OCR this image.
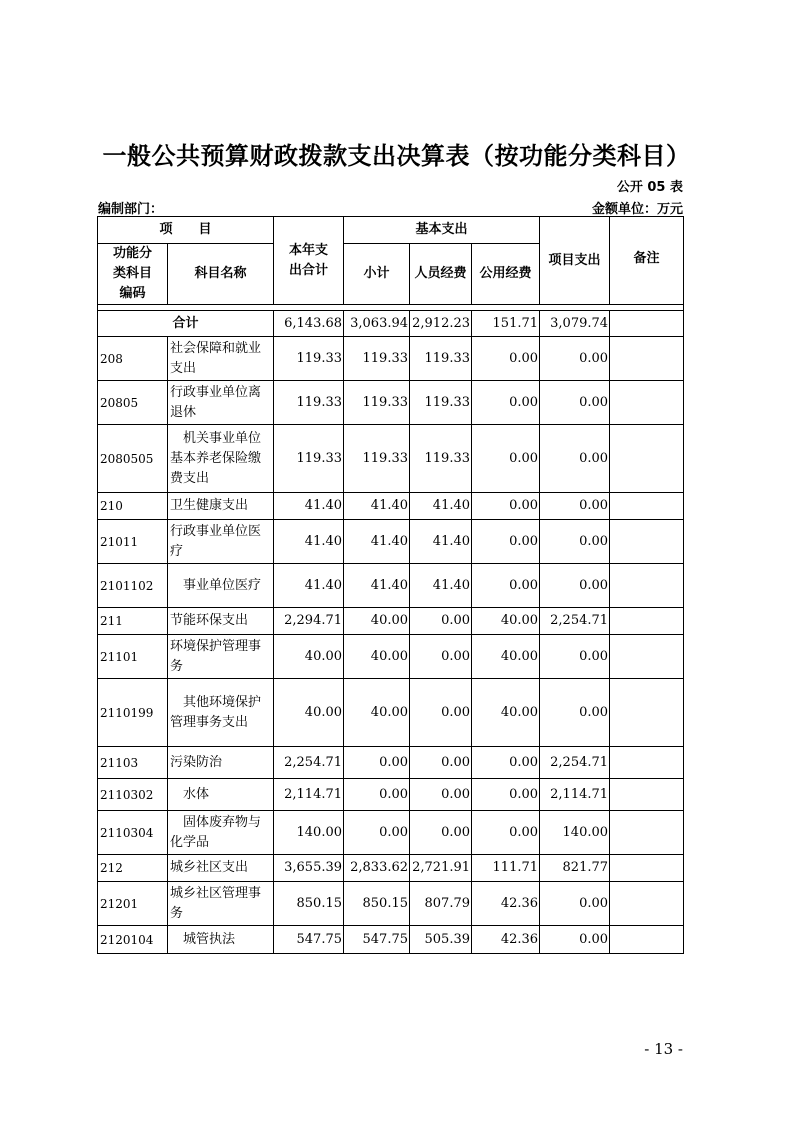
一般公共预算财政拨款支出决算表（按功能分类科目）
公开 05 表
编制部门：	金额单位：万元
项　　目		本年支出合计	基本支出			项目支出	备注
功能分类科目编码	科目名称		小计	人员经费	公用经费		

合计		6,143.68	3,063.94	2,912.23	151.71	3,079.74	
208	社会保障和就业支出	119.33	119.33	119.33	0.00	0.00	
20805	行政事业单位离退休	119.33	119.33	119.33	0.00	0.00	
2080505	机关事业单位基本养老保险缴费支出	119.33	119.33	119.33	0.00	0.00	
210	卫生健康支出	41.40	41.40	41.40	0.00	0.00	
21011	行政事业单位医疗	41.40	41.40	41.40	0.00	0.00	
2101102	事业单位医疗	41.40	41.40	41.40	0.00	0.00	
211	节能环保支出	2,294.71	40.00	0.00	40.00	2,254.71	
21101	环境保护管理事务	40.00	40.00	0.00	40.00	0.00	
2110199	其他环境保护管理事务支出	40.00	40.00	0.00	40.00	0.00	
21103	污染防治	2,254.71	0.00	0.00	0.00	2,254.71	
2110302	水体	2,114.71	0.00	0.00	0.00	2,114.71	
2110304	固体废弃物与化学品	140.00	0.00	0.00	0.00	140.00	
212	城乡社区支出	3,655.39	2,833.62	2,721.91	111.71	821.77	
21201	城乡社区管理事务	850.15	850.15	807.79	42.36	0.00	
2120104	城管执法	547.75	547.75	505.39	42.36	0.00	
- 13 -
